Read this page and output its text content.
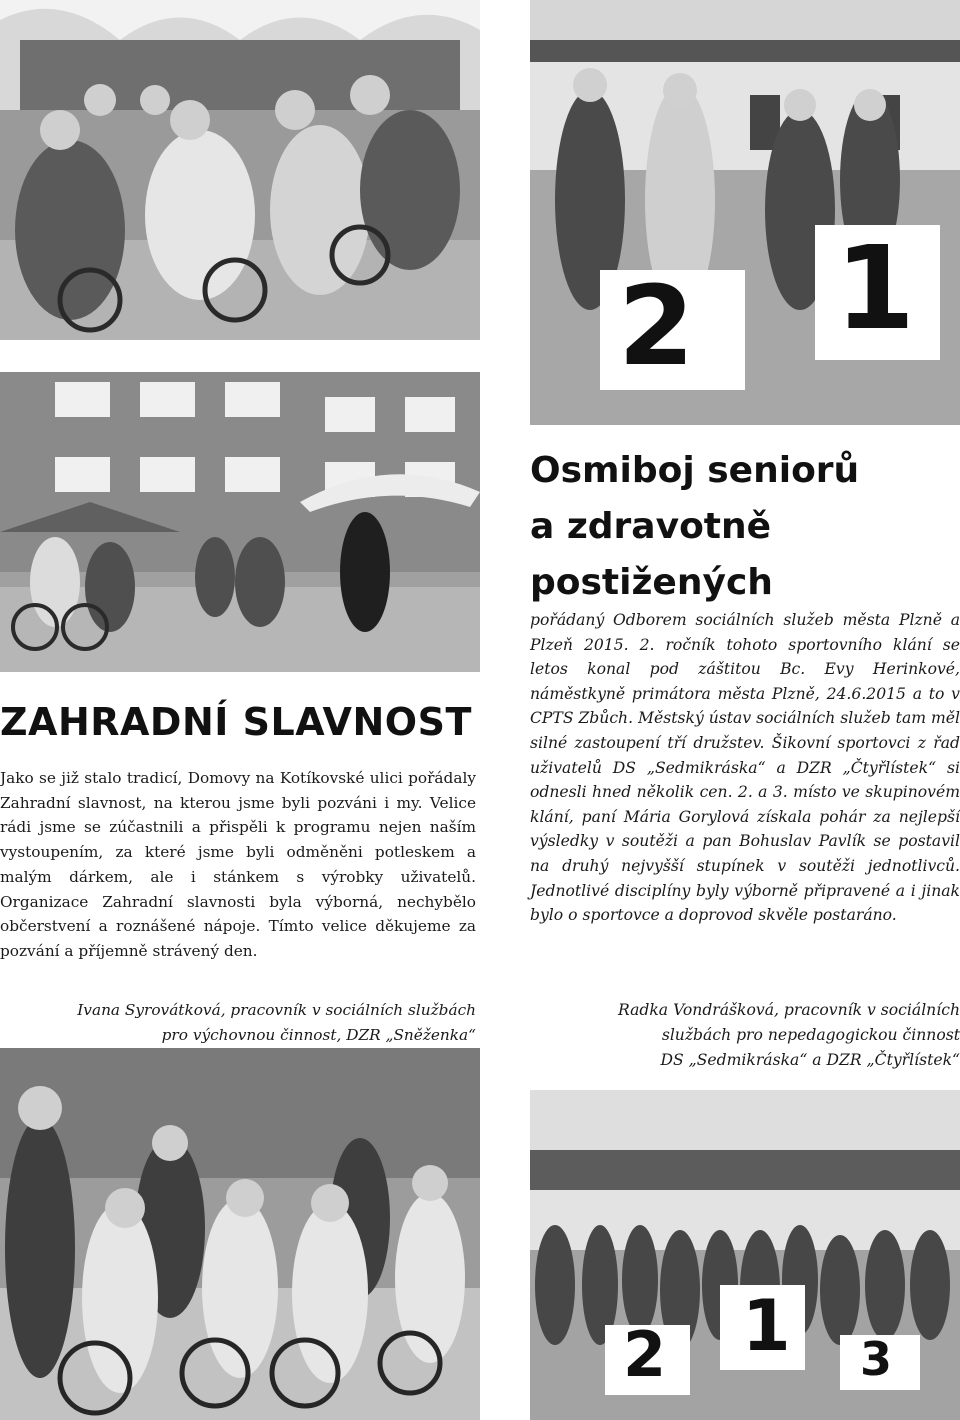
2 1
ZAHRADNÍ SLAVNOST

Jako se již stalo tradicí, Domovy na Kotíkovské ulici pořádaly Zahradní slavnost, na kterou jsme byli pozváni i my. Velice rádi jsme se zúčastnili a přispěli k programu nejen naším vystoupením, za které jsme byli odměněni potleskem a malým dárkem, ale i stánkem s výrobky uživatelů. Organizace Zahradní slavnosti byla výborná, nechybělo občerstvení a roznášené nápoje. Tímto velice děkujeme za pozvání a příjemně strávený den.

Ivana Syrovátková, pracovník v sociálních službách
pro výchovnou činnost, DZR „Sněženka“

Osmiboj seniorů
a zdravotně
postižených

pořádaný Odborem sociálních služeb města Plzně a Plzeň 2015. 2. ročník tohoto sportovního klání se letos konal pod záštitou Bc. Evy Herinkové, náměstkyně primátora města Plzně, 24.6.2015 a to v CPTS Zbůch. Městský ústav sociálních služeb tam měl silné zastoupení tří družstev. Šikovní sportovci z řad uživatelů DS „Sedmikráska“ a DZR „Čtyřlístek“ si odnesli hned několik cen. 2. a 3. místo ve skupinovém klání, paní Mária Gorylová získala pohár za nejlepší výsledky v soutěži a pan Bohuslav Pavlík se postavil na druhý nejvyšší stupínek v soutěži jednotlivců. Jednotlivé disciplíny byly výborně připravené a i jinak bylo o sportovce a doprovod skvěle postaráno.

Radka Vondrášková, pracovník v sociálních
službách pro nepedagogickou činnost
DS „Sedmikráska“ a DZR „Čtyřlístek“

2 1 3
